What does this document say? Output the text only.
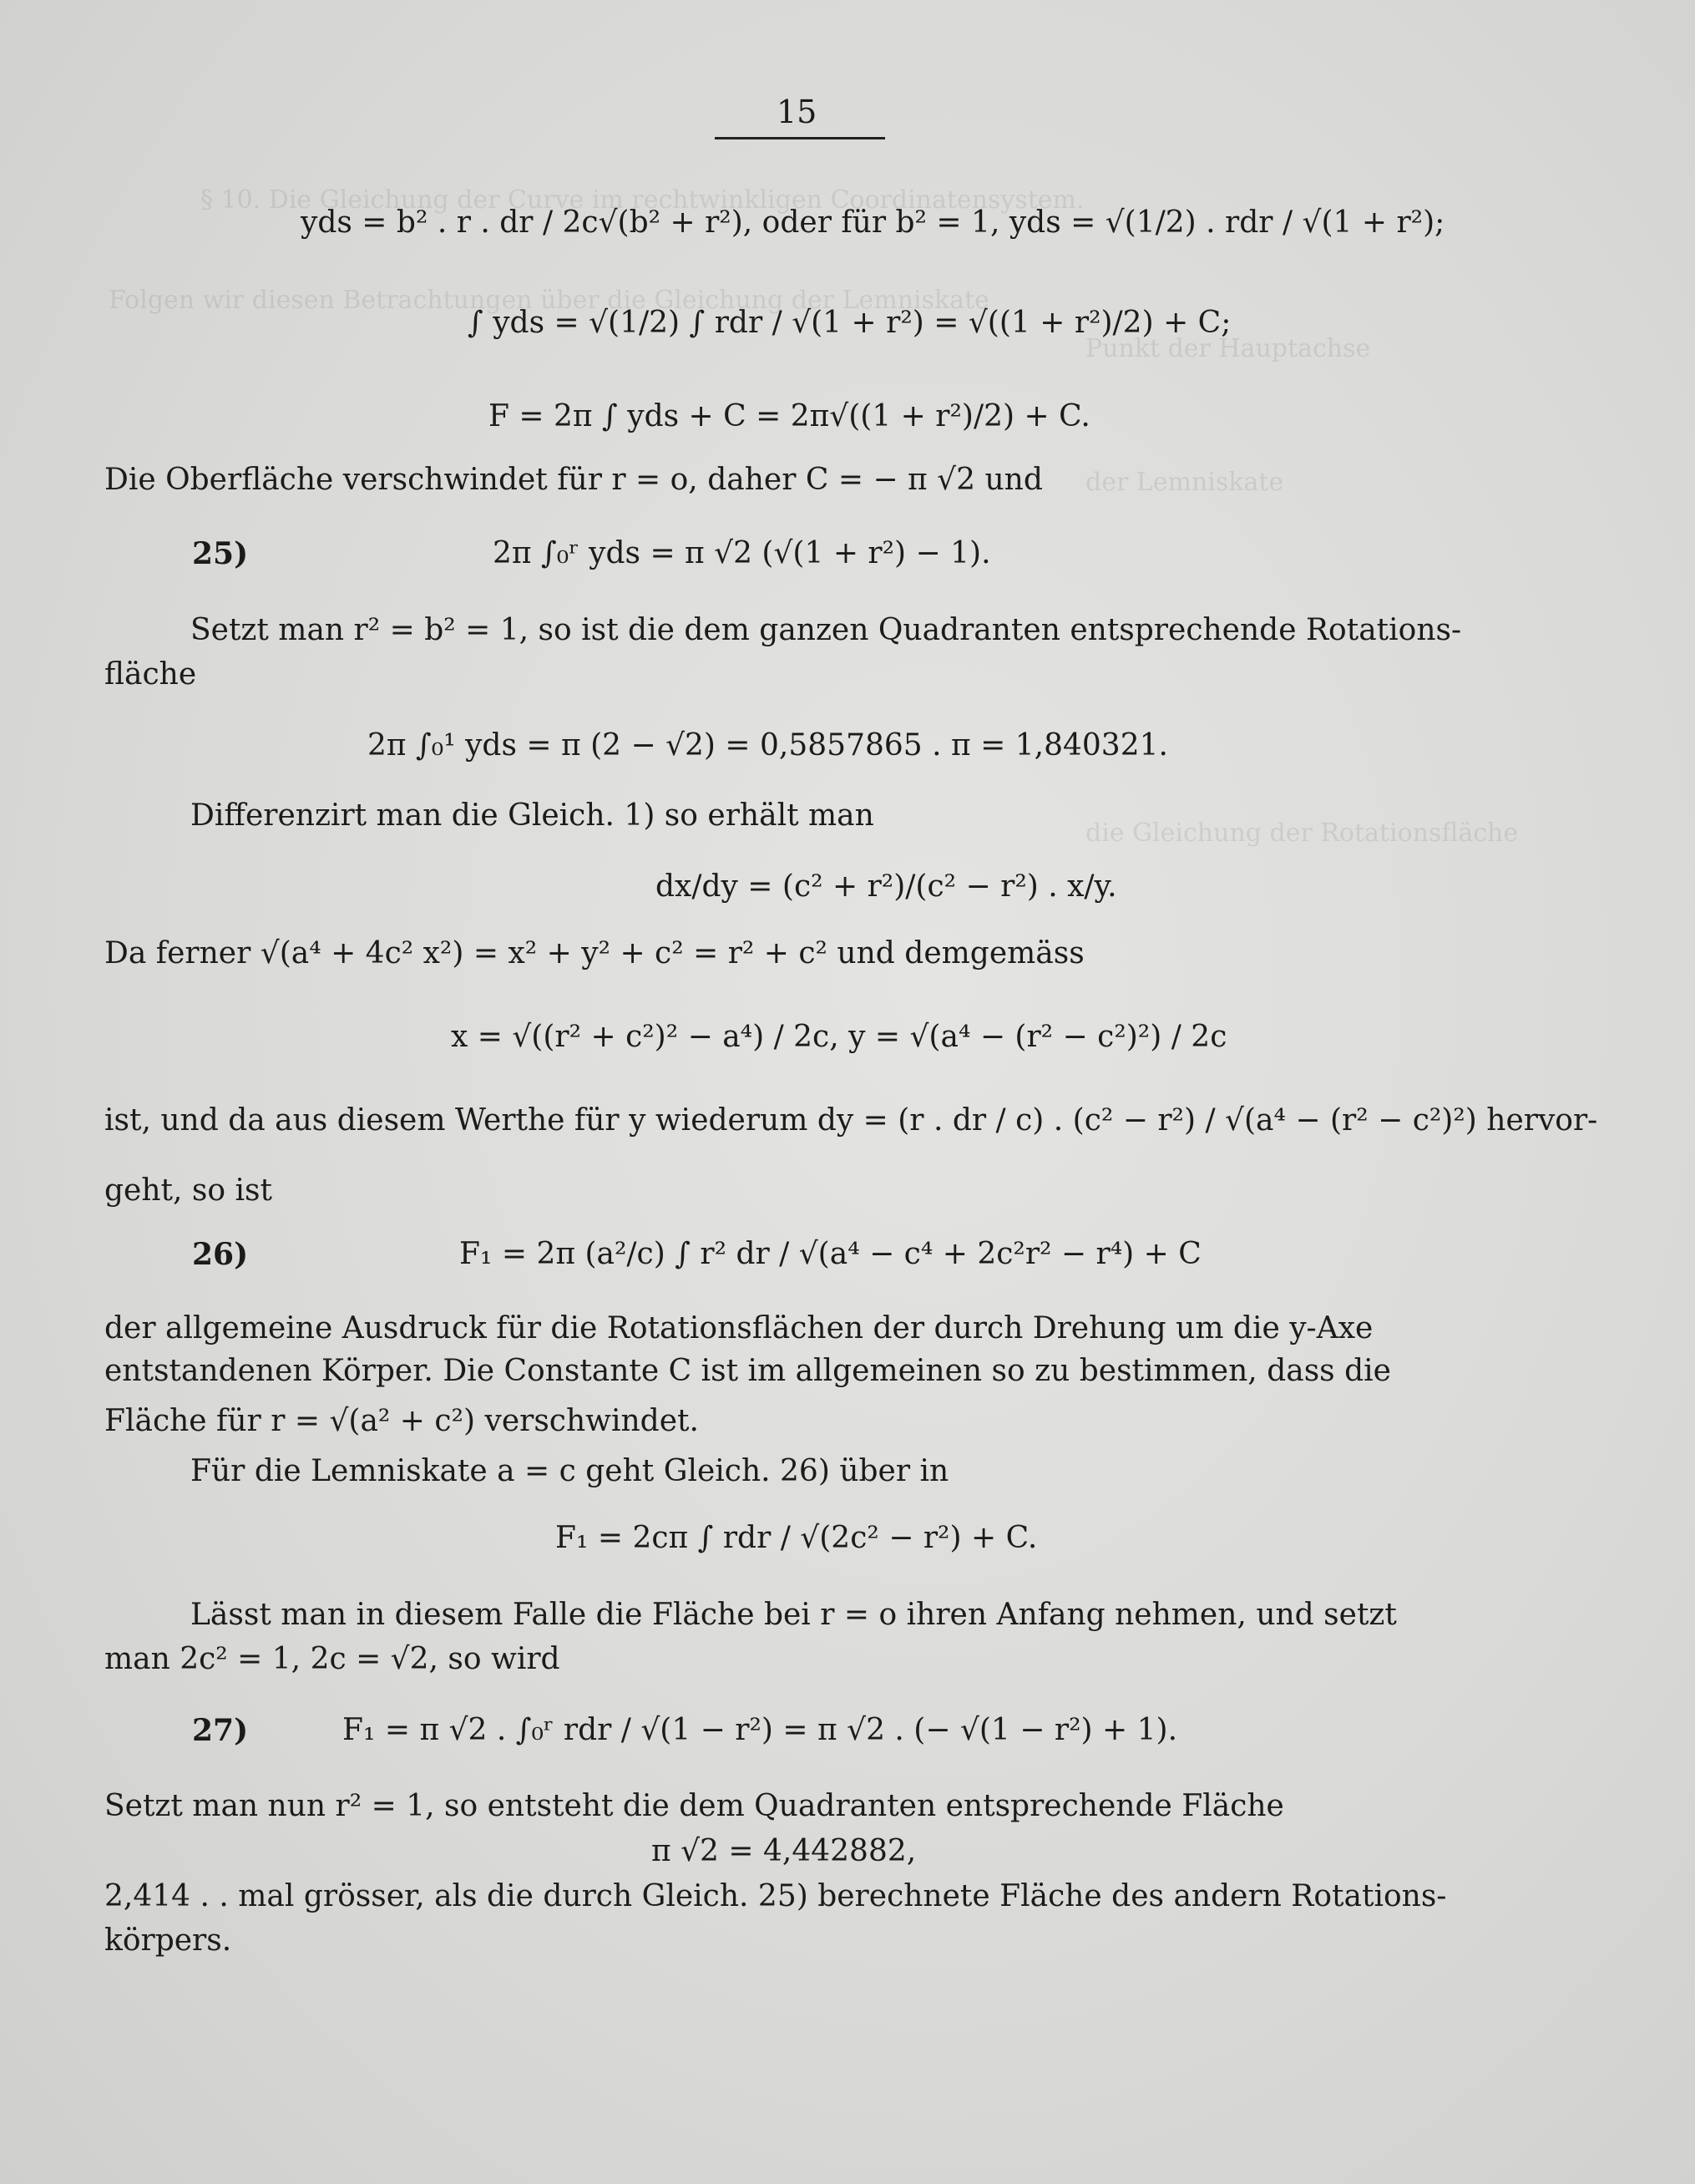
§ 10. Die Gleichung der Curve im rechtwinkligen Coordinatensystem.
Folgen wir diesen Betrachtungen über die Gleichung der Lemniskate
Punkt der Hauptachse
der Lemniskate
die Gleichung der Rotationsfläche
15
yds = b² . r . dr / 2c√(b² + r²), oder für b² = 1, yds = √(1/2) . rdr / √(1 + r²);
∫ yds = √(1/2) ∫ rdr / √(1 + r²) = √((1 + r²)/2) + C;
F = 2π ∫ yds + C = 2π√((1 + r²)/2) + C.
Die Oberfläche verschwindet für r = o, daher C = − π √2 und
25)	2π ∫₀ʳ yds = π √2 (√(1 + r²) − 1).
Setzt man r² = b² = 1, so ist die dem ganzen Quadranten entsprechende Rotations-
fläche
2π ∫₀¹ yds = π (2 − √2) = 0,5857865 . π = 1,840321.
Differenzirt man die Gleich. 1) so erhält man
dx/dy = (c² + r²)/(c² − r²) . x/y.
Da ferner √(a⁴ + 4c² x²) = x² + y² + c² = r² + c² und demgemäss
x = √((r² + c²)² − a⁴) / 2c, y = √(a⁴ − (r² − c²)²) / 2c
ist, und da aus diesem Werthe für y wiederum dy = (r . dr / c) . (c² − r²) / √(a⁴ − (r² − c²)²) hervor-
geht, so ist
26)	F₁ = 2π (a²/c) ∫ r² dr / √(a⁴ − c⁴ + 2c²r² − r⁴) + C
der allgemeine Ausdruck für die Rotationsflächen der durch Drehung um die y-Axe
entstandenen Körper. Die Constante C ist im allgemeinen so zu bestimmen, dass die
Fläche für r = √(a² + c²) verschwindet.
Für die Lemniskate a = c geht Gleich. 26) über in
F₁ = 2cπ ∫ rdr / √(2c² − r²) + C.
Lässt man in diesem Falle die Fläche bei r = o ihren Anfang nehmen, und setzt
man 2c² = 1, 2c = √2, so wird
27)	F₁ = π √2 . ∫₀ʳ rdr / √(1 − r²) = π √2 . (− √(1 − r²) + 1).
Setzt man nun r² = 1, so entsteht die dem Quadranten entsprechende Fläche
π √2 = 4,442882,
2,414 . . mal grösser, als die durch Gleich. 25) berechnete Fläche des andern Rotations-
körpers.
